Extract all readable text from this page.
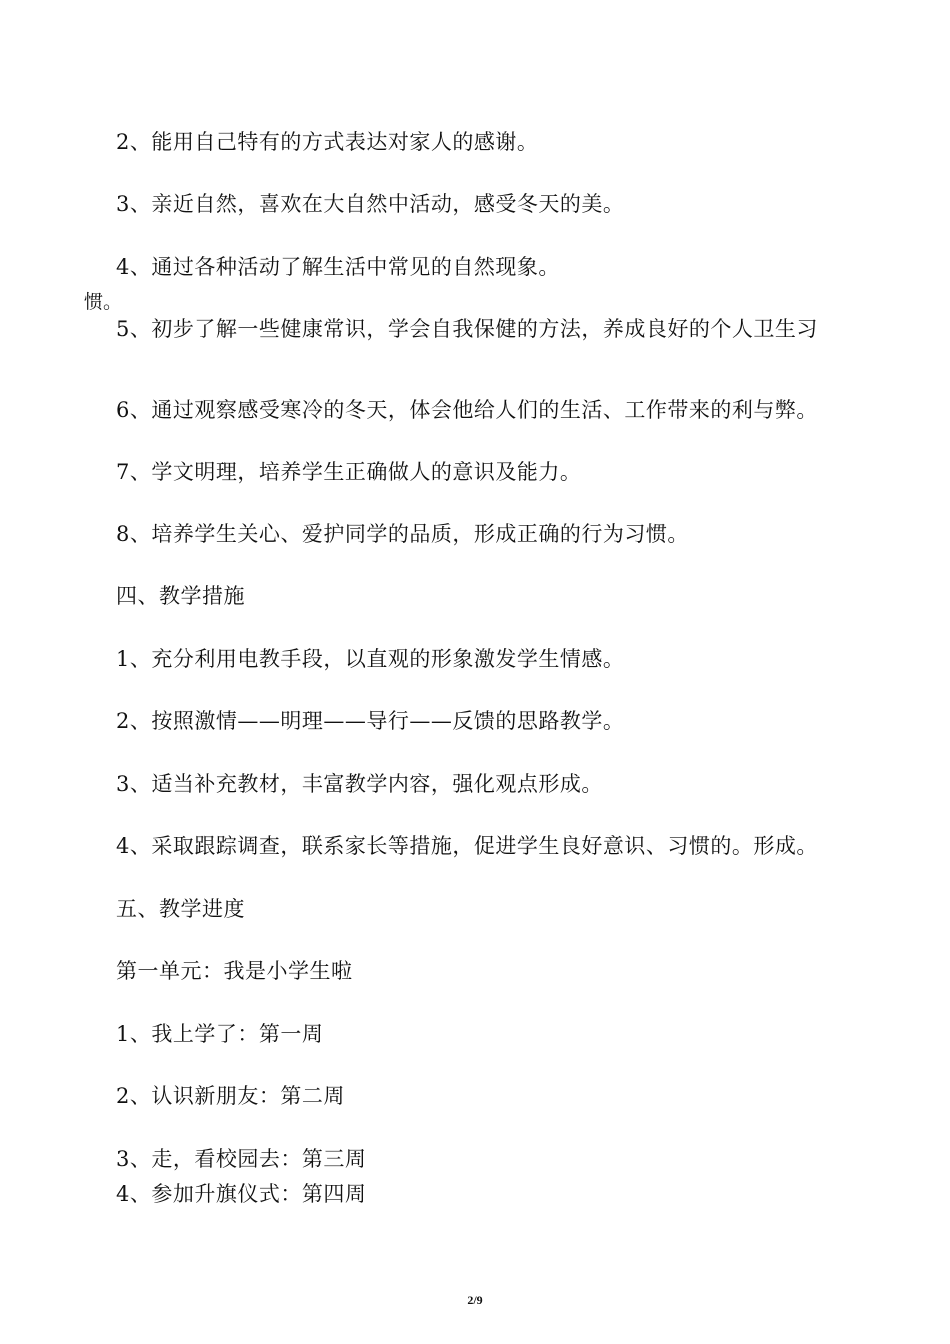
2、能用自己特有的方式表达对家人的感谢。
3、亲近自然，喜欢在大自然中活动，感受冬天的美。
4、通过各种活动了解生活中常见的自然现象。
惯。
5、初步了解一些健康常识，学会自我保健的方法，养成良好的个人卫生习
6、通过观察感受寒冷的冬天，体会他给人们的生活、工作带来的利与弊。
7、学文明理，培养学生正确做人的意识及能力。
8、培养学生关心、爱护同学的品质，形成正确的行为习惯。
四、教学措施
1、充分利用电教手段，以直观的形象激发学生情感。
2、按照激情——明理——导行——反馈的思路教学。
3、适当补充教材，丰富教学内容，强化观点形成。
4、采取跟踪调查，联系家长等措施，促进学生良好意识、习惯的。形成。
五、教学进度
第一单元：我是小学生啦
1、我上学了：第一周
2、认识新朋友：第二周
3、走，看校园去：第三周
4、参加升旗仪式：第四周
2/9
